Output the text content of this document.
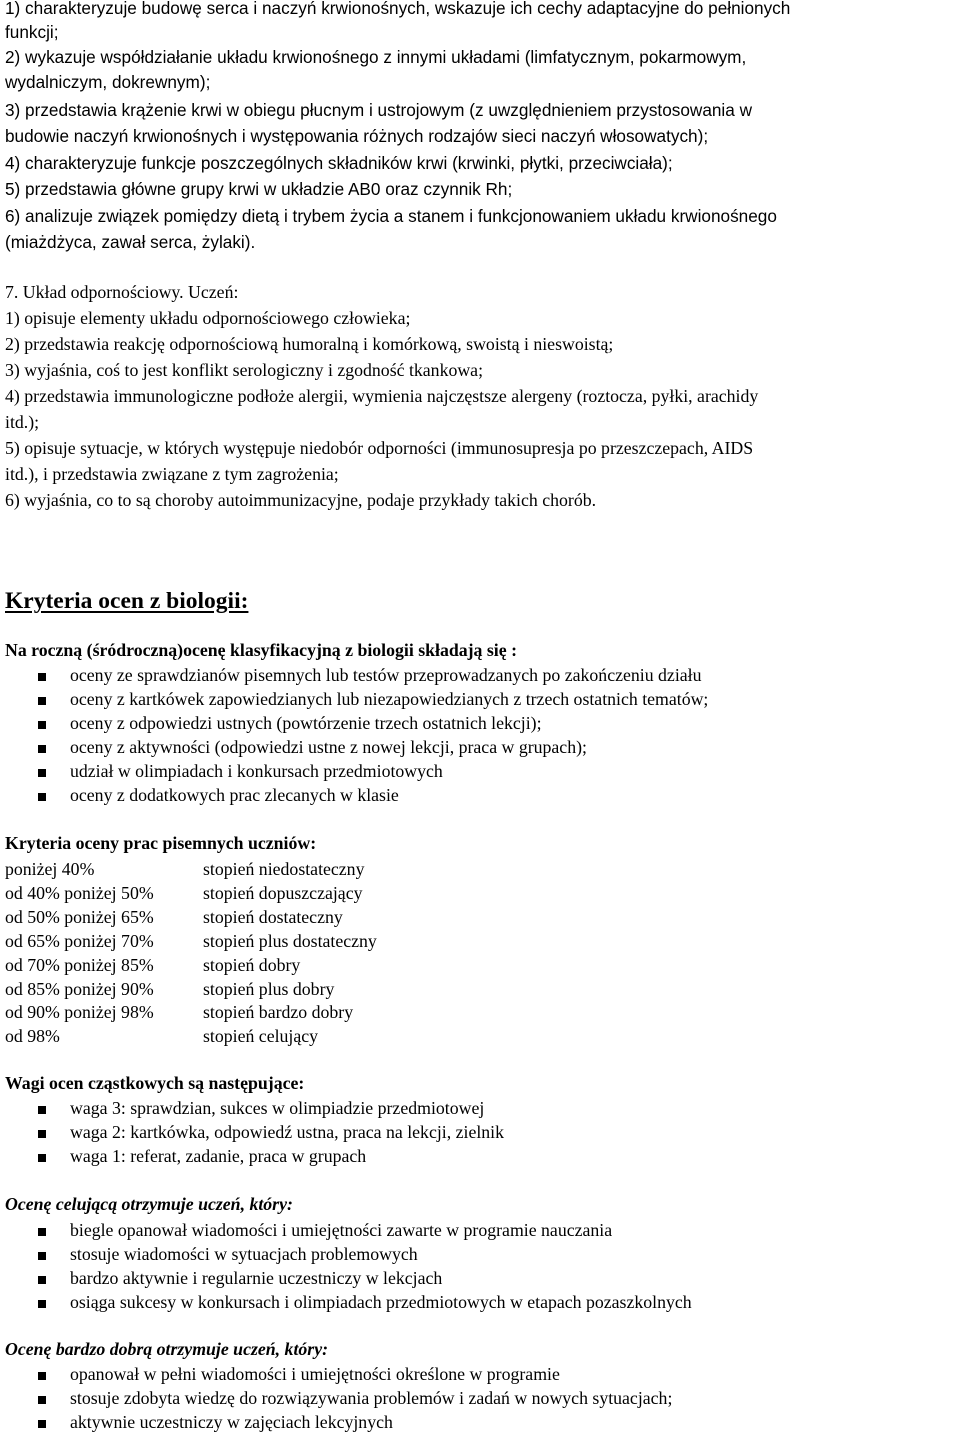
1) charakteryzuje budowę serca i naczyń krwionośnych, wskazuje ich cechy adaptacyjne do pełnionych
funkcji;
2) wykazuje współdziałanie układu krwionośnego z innymi układami (limfatycznym, pokarmowym,
wydalniczym, dokrewnym);
3) przedstawia krążenie krwi w obiegu płucnym i ustrojowym (z uwzględnieniem przystosowania w
budowie naczyń krwionośnych i występowania różnych rodzajów sieci naczyń włosowatych);
4) charakteryzuje funkcje poszczególnych składników krwi (krwinki, płytki, przeciwciała);
5) przedstawia główne grupy krwi w układzie AB0 oraz czynnik Rh;
6) analizuje związek pomiędzy dietą i trybem życia a stanem i funkcjonowaniem układu krwionośnego
(miażdżyca, zawał serca, żylaki).
7. Układ odpornościowy. Uczeń:
1) opisuje elementy układu odpornościowego człowieka;
2) przedstawia reakcję odpornościową humoralną i komórkową, swoistą i nieswoistą;
3) wyjaśnia, coś to jest konflikt serologiczny i zgodność tkankowa;
4) przedstawia immunologiczne podłoże alergii, wymienia najczęstsze alergeny (roztocza, pyłki, arachidy
itd.);
5) opisuje sytuacje, w których występuje niedobór odporności (immunosupresja po przeszczepach, AIDS
itd.), i przedstawia związane z tym zagrożenia;
6) wyjaśnia, co to są choroby autoimmunizacyjne, podaje przykłady takich chorób.
Kryteria ocen z biologii:
Na roczną (śródroczną)ocenę klasyfikacyjną z biologii składają się :
oceny ze sprawdzianów pisemnych lub testów przeprowadzanych po zakończeniu działu
oceny z kartkówek zapowiedzianych lub niezapowiedzianych z trzech ostatnich tematów;
oceny z odpowiedzi ustnych (powtórzenie trzech ostatnich lekcji);
oceny z aktywności (odpowiedzi ustne z nowej lekcji, praca w grupach);
udział w olimpiadach i konkursach przedmiotowych
oceny z dodatkowych prac zlecanych w klasie
Kryteria oceny prac pisemnych uczniów:
poniżej 40%	stopień niedostateczny
od 40% poniżej 50%	stopień dopuszczający
od 50% poniżej 65%	stopień dostateczny
od 65% poniżej 70%	stopień plus dostateczny
od 70% poniżej 85%	stopień dobry
od 85% poniżej 90%	stopień plus dobry
od 90% poniżej 98%	stopień bardzo dobry
od 98%	stopień celujący
Wagi ocen cząstkowych są następujące:
waga 3: sprawdzian, sukces w olimpiadzie przedmiotowej
waga 2: kartkówka, odpowiedź ustna, praca na lekcji, zielnik
waga 1: referat, zadanie, praca w grupach
Ocenę celującą otrzymuje uczeń, który:
biegle opanował wiadomości i umiejętności zawarte w programie nauczania
stosuje wiadomości w sytuacjach problemowych
bardzo aktywnie i regularnie uczestniczy w lekcjach
osiąga sukcesy w konkursach i olimpiadach przedmiotowych w etapach pozaszkolnych
Ocenę bardzo dobrą otrzymuje uczeń, który:
opanował w pełni wiadomości i umiejętności określone w programie
stosuje zdobyta wiedzę do rozwiązywania problemów i zadań w nowych sytuacjach;
aktywnie uczestniczy w zajęciach lekcyjnych
